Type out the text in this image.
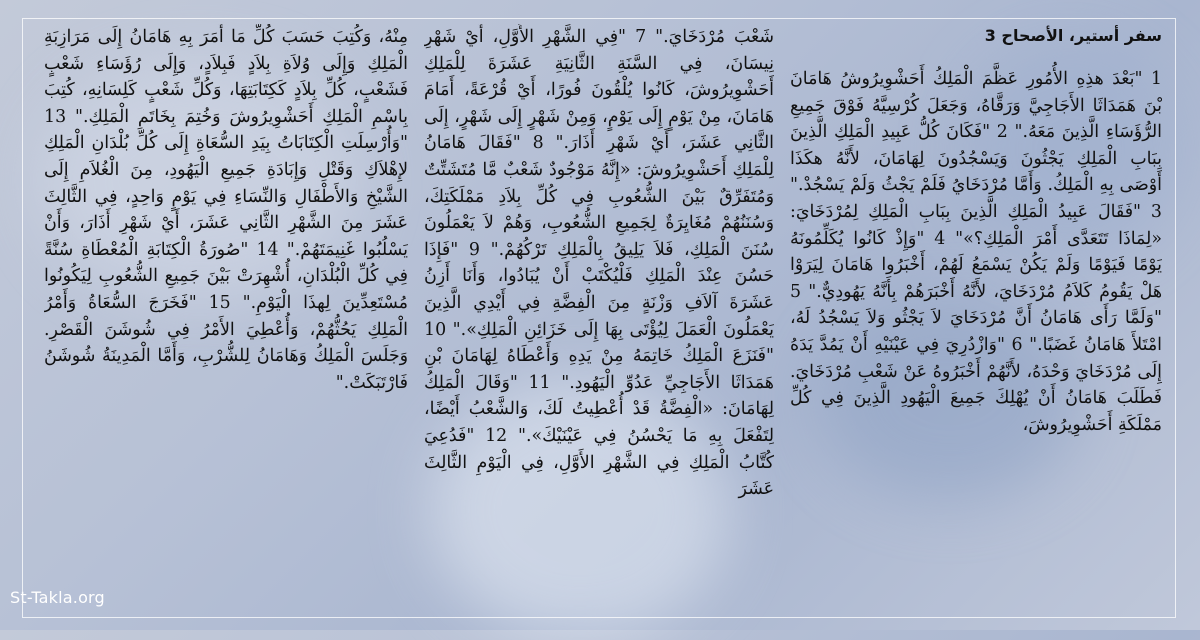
سفر أستير، الأصحاح 3
1 "بَعْدَ هذِهِ الأُمُورِ عَظَّمَ الْمَلِكُ أَحَشْوِيرُوشُ هَامَانَ بْنَ هَمَدَاثَا الأَجَاجِيَّ وَرَقَّاهُ، وَجَعَلَ كُرْسِيَّهُ فَوْقَ جَمِيعِ الرُّؤَسَاءِ الَّذِينَ مَعَهُ." 2 "فَكَانَ كُلُّ عَبِيدِ الْمَلِكِ الَّذِينَ بِبَابِ الْمَلِكِ يَجْثُونَ وَيَسْجُدُونَ لِهَامَانَ، لأَنَّهُ هكَذَا أَوْصَى بِهِ الْمَلِكُ. وَأَمَّا مُرْدَخَايُ فَلَمْ يَجْثُ وَلَمْ يَسْجُدْ." 3 "فَقَالَ عَبِيدُ الْمَلِكِ الَّذِينَ بِبَابِ الْمَلِكِ لِمُرْدَخَايَ: «لِمَاذَا تَتَعَدَّى أَمْرَ الْمَلِكِ؟»" 4 "وَإِذْ كَانُوا يُكَلِّمُونَهُ يَوْمًا فَيَوْمًا وَلَمْ يَكُنْ يَسْمَعُ لَهُمْ، أَخْبَرُوا هَامَانَ لِيَرَوْا هَلْ يَقُومُ كَلاَمُ مُرْدَخَايَ، لأَنَّهُ أَخْبَرَهُمْ بِأَنَّهُ يَهُودِيٌّ." 5 "وَلَمَّا رَأَى هَامَانُ أَنَّ مُرْدَخَايَ لاَ يَجْثُو وَلاَ يَسْجُدُ لَهُ، امْتَلأَ هَامَانُ غَضَبًا." 6 "وَازْدُرِيَ فِي عَيْنَيْهِ أَنْ يَمُدَّ يَدَهُ إِلَى مُرْدَخَايَ وَحْدَهُ، لأَنَّهُمْ أَخْبَرُوهُ عَنْ شَعْبِ مُرْدَخَايَ. فَطَلَبَ هَامَانُ أَنْ يُهْلِكَ جَمِيعَ الْيَهُودِ الَّذِينَ فِي كُلِّ مَمْلَكَةِ أَحَشْوِيرُوشَ،
شَعْبَ مُرْدَخَايَ." 7 "فِي الشَّهْرِ الأَوَّلِ، أَيْ شَهْرِ نِيسَانَ، فِي السَّنَةِ الثَّانِيَةِ عَشَرَةَ لِلْمَلِكِ أَحَشْوِيرُوشَ، كَانُوا يُلْقُونَ فُورًا، أَيْ قُرْعَةً، أَمَامَ هَامَانَ، مِنْ يَوْمٍ إِلَى يَوْمٍ، وَمِنْ شَهْرٍ إِلَى شَهْرٍ، إِلَى الثَّانِي عَشَرَ، أَيْ شَهْرِ أَذَارَ." 8 "فَقَالَ هَامَانُ لِلْمَلِكِ أَحَشْوِيرُوشَ: «إِنَّهُ مَوْجُودٌ شَعْبٌ مَّا مُتَشَتِّتٌ وَمُتَفَرِّقٌ بَيْنَ الشُّعُوبِ فِي كُلِّ بِلاَدِ مَمْلَكَتِكَ، وَسُنَنُهُمْ مُغَايِرَةٌ لِجَمِيعِ الشُّعُوبِ، وَهُمْ لاَ يَعْمَلُونَ سُنَنَ الْمَلِكِ، فَلاَ يَلِيقُ بِالْمَلِكِ تَرْكُهُمْ." 9 "فَإِذَا حَسُنَ عِنْدَ الْمَلِكِ فَلْيُكْتَبْ أَنْ يُبَادُوا، وَأَنَا أَزِنُ عَشَرَةَ آلاَفِ وَزْنَةٍ مِنَ الْفِضَّةِ فِي أَيْدِي الَّذِينَ يَعْمَلُونَ الْعَمَلَ لِيُؤْتَى بِهَا إِلَى خَزَائِنِ الْمَلِكِ»." 10 "فَنَزَعَ الْمَلِكُ خَاتِمَهُ مِنْ يَدِهِ وَأَعْطَاهُ لِهَامَانَ بْنِ هَمَدَاثَا الأَجَاجِيِّ عَدُوِّ الْيَهُودِ." 11 "وَقَالَ الْمَلِكُ لِهَامَانَ: «الْفِضَّةُ قَدْ أُعْطِيتُ لَكَ، وَالشَّعْبُ أَيْضًا، لِتَفْعَلَ بِهِ مَا يَحْسُنُ فِي عَيْنَيْكَ»." 12 "فَدُعِيَ كُتَّابُ الْمَلِكِ فِي الشَّهْرِ الأَوَّلِ، فِي الْيَوْمِ الثَّالِثَ عَشَرَ
مِنْهُ، وَكُتِبَ حَسَبَ كُلِّ مَا أَمَرَ بِهِ هَامَانُ إِلَى مَرَازِبَةِ الْمَلِكِ وَإِلَى وُلاَةِ بِلاَدٍ فَبِلاَدٍ، وَإِلَى رُؤَسَاءِ شَعْبٍ فَشَعْبٍ، كُلِّ بِلاَدٍ كَكِتَابَتِهَا، وَكُلِّ شَعْبٍ كَلِسَانِهِ، كُتِبَ بِاسْمِ الْمَلِكِ أَحَشْوِيرُوشَ وَخُتِمَ بِخَاتَمِ الْمَلِكِ." 13 "وَأُرْسِلَتِ الْكِتَابَاتُ بِيَدِ السُّعَاةِ إِلَى كُلِّ بُلْدَانِ الْمَلِكِ لإِهْلاَكِ وَقَتْلِ وَإِبَادَةِ جَمِيعِ الْيَهُودِ، مِنَ الْغُلاَمِ إِلَى الشَّيْخِ وَالأَطْفَالِ وَالنِّسَاءِ فِي يَوْمٍ وَاحِدٍ، فِي الثَّالِثَ عَشَرَ مِنَ الشَّهْرِ الثَّانِي عَشَرَ، أَيْ شَهْرِ أَذَارَ، وَأَنْ يَسْلُبُوا غَنِيمَتَهُمْ." 14 "صُورَةُ الْكِتَابَةِ الْمُعْطَاةِ سُنَّةً فِي كُلِّ الْبُلْدَانِ، أُشْهِرَتْ بَيْنَ جَمِيعِ الشُّعُوبِ لِيَكُونُوا مُسْتَعِدِّينَ لِهذَا الْيَوْمِ." 15 "فَخَرَجَ السُّعَاةُ وَأَمْرُ الْمَلِكِ يَحُثُّهُمْ، وَأُعْطِيَ الأَمْرُ فِي شُوشَنَ الْقَصْرِ. وَجَلَسَ الْمَلِكُ وَهَامَانُ لِلشُّرْبِ، وَأَمَّا الْمَدِينَةُ شُوشَنُ فَارْتَبَكَتْ."
St-Takla.org
